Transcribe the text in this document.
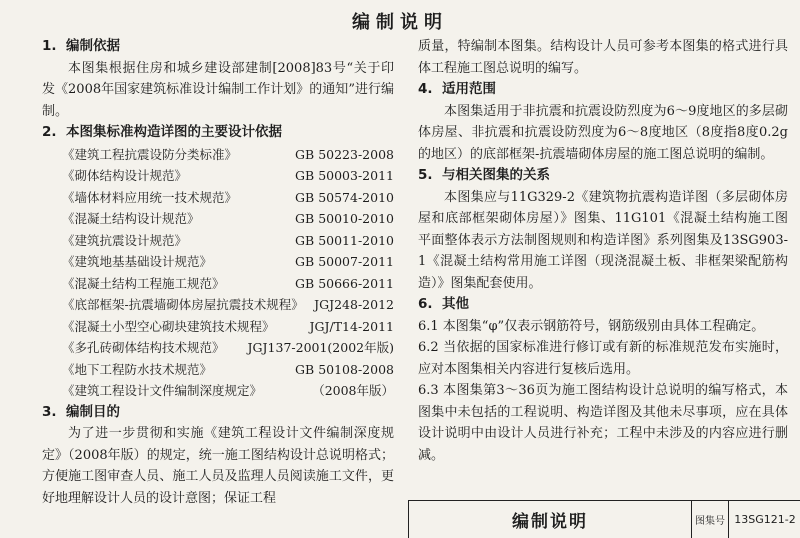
编制说明
1. 编制依据
本图集根据住房和城乡建设部建制[2008]83号“关于印发《2008年国家建筑标准设计编制工作计划》的通知”进行编制。
2. 本图集标准构造详图的主要设计依据
《建筑工程抗震设防分类标准》	GB 50223-2008
《砌体结构设计规范》	GB 50003-2011
《墙体材料应用统一技术规范》	GB 50574-2010
《混凝土结构设计规范》	GB 50010-2010
《建筑抗震设计规范》	GB 50011-2010
《建筑地基基础设计规范》	GB 50007-2011
《混凝土结构工程施工规范》	GB 50666-2011
《底部框架-抗震墙砌体房屋抗震技术规程》 JGJ248-2012
《混凝土小型空心砌块建筑技术规程》	JGJ/T14-2011
《多孔砖砌体结构技术规范》 JGJ137-2001(2002年版)
《地下工程防水技术规范》	GB 50108-2008
《建筑工程设计文件编制深度规定》	（2008年版）
3. 编制目的
为了进一步贯彻和实施《建筑工程设计文件编制深度规定》（2008年版）的规定，统一施工图结构设计总说明格式；方便施工图审查人员、施工人员及监理人员阅读施工文件，更好地理解设计人员的设计意图；保证工程
质量，特编制本图集。结构设计人员可参考本图集的格式进行具体工程施工图总说明的编写。
4. 适用范围
本图集适用于非抗震和抗震设防烈度为6～9度地区的多层砌体房屋、非抗震和抗震设防烈度为6～8度地区（8度指8度0.2g的地区）的底部框架-抗震墙砌体房屋的施工图总说明的编制。
5. 与相关图集的关系
本图集应与11G329-2《建筑物抗震构造详图（多层砌体房屋和底部框架砌体房屋）》图集、11G101《混凝土结构施工图平面整体表示方法制图规则和构造详图》系列图集及13SG903-1《混凝土结构常用施工详图（现浇混凝土板、非框架梁配筋构造）》图集配套使用。
6. 其他
6.1 本图集“φ”仅表示钢筋符号，钢筋级别由具体工程确定。
6.2 当依据的国家标准进行修订或有新的标准规范发布实施时，应对本图集相关内容进行复核后选用。
6.3 本图集第3～36页为施工图结构设计总说明的编写格式，本图集中未包括的工程说明、构造详图及其他未尽事项，应在具体设计说明中由设计人员进行补充；工程中未涉及的内容应进行删减。
编制说明	图集号 13SG121-2
